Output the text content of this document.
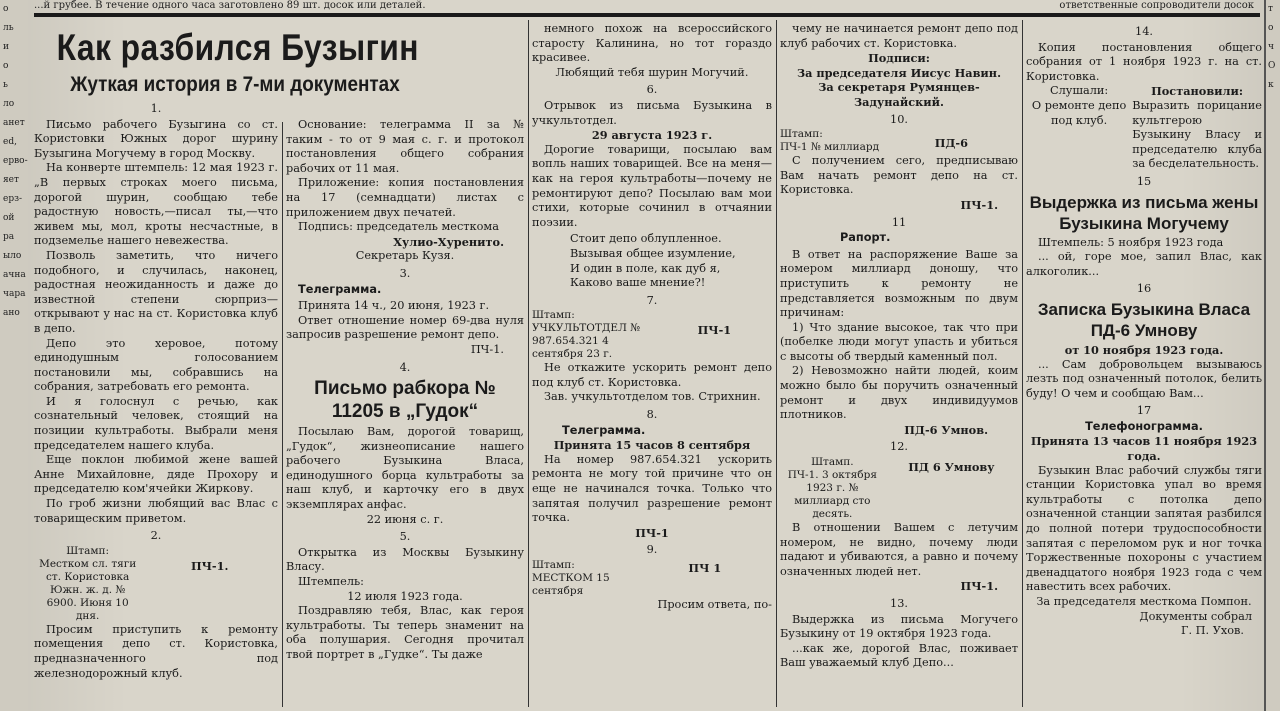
о
ль
и
о
ь
ло
анет
ed,
ерво-
яет
ерз-
ой
ра
ыло
ачна
чара
ано
...й грубее. В течение одного часа заготовлено 89 шт. досок или деталей.	ответственные сопроводители досок
Как разбился Бузыгин
Жуткая история в 7-ми документах

1.

Письмо рабочего Бузыгина со ст. Кориcтовки Южных дорог шурину Бузыгина Могучему в город Москву.

На конверте штемпель: 12 мая 1923 г. „В первых строках моего письма, дорогой шурин, сообщаю тебе радостную новость,—писал ты,—что живем мы, мол, кроты несчастные, в подземелье нашего невежества.

Позволь заметить, что ничего подобного, и случилась, наконец, радостная неожиданность и даже до известной степени сюрприз—открывают у нас на ст. Кориcтовка клуб в депо.

Депо это херовое, потому единодушным голосованием постановили мы, собравшись на собрания, затребовать его ремонта.

И я голоснул с речью, как сознательный человек, стоящий на позиции культработы. Выбрали меня председателем нашего клуба.

Еще поклон любимой жене вашей Анне Михайловне, дяде Прохору и председателю ком'ячейки Жиркову.

По гроб жизни любящий вас Влас с товарищеским приветом.

2.

Штамп:
Местком сл. тяги ст. Кориcтовка Южн. ж. д. № 6900. Июня 10 дня.
ПЧ-1.

Просим приступить к ремонту помещения депо ст. Кориcтовка, предназначенного под железнодорожный клуб.

Основание: телеграмма II за № таким - то от 9 мая с. г. и протокол постановления общего собрания рабочих от 11 мая.

Приложение: копия постановления на 17 (семнадцати) листах с приложением двух печатей.

Подпись: председатель месткома

Хулио-Хуренито.

Секретарь Кузя.

3.

Телеграмма.

Принята 14 ч., 20 июня, 1923 г.

Ответ отношение номер 69-два нуля запросив разрешение ремонт депо.

ПЧ-1.

4.

Письмо рабкора № 11205 в „Гудок“

Посылаю Вам, дорогой товарищ, „Гудок“, жизнеописание нашего рабочего Бузыкина Власа, единодушного борца культработы за наш клуб, и карточку его в двух экземплярах анфас.

22 июня с. г.

5.

Открытка из Москвы Бузыкину Власу.

Штемпель:

12 июля 1923 года.

Поздравляю тебя, Влас, как героя культработы. Ты теперь знаменит на оба полушария. Сегодня прочитал твой портрет в „Гудке“. Ты даже

немного похож на всероссийского старосту Калинина, но тот гораздо красивее.

Любящий тебя шурин Могучий.

6.

Отрывок из письма Бузыкина в учкультотдел.

29 августа 1923 г.

Дорогие товарищи, посылаю вам вопль наших товарищей. Все на меня—как на героя культработы—почему не ремонтируют депо? Посылаю вам мои стихи, которые сочинил в отчаянии поэзии.

Стоит депо облупленное.
Вызывая общее изумление,
И один в поле, как дуб я,
Каково ваше мнение?!

7.

Штамп:
УЧКУЛЬТОТДЕЛ № 987.654.321 4 сентября 23 г.
ПЧ-1

Не откажите ускорить ремонт депо под клуб ст. Кориcтовка.

Зав. учкультотделом тов. Стрихнин.

8.

Телеграмма.

Принята 15 часов 8 сентября

На номер 987.654.321 ускорить ремонта не могу той причине что он еще не начинался точка. Только что запятая получил разрешение ремонт точка.

ПЧ-1

9.

Штамп:
МЕСТКОМ 15 сентября
ПЧ 1

Просим ответа, по-

чему не начинается ремонт депо под клуб рабочих ст. Кориcтовка.

Подписи:

За председателя Иисус Навин.

За секретаря Румянцев-Задунайский.

10.

Штамп:
ПЧ-1 № миллиард	ПД-6

С получением сего, предписываю Вам начать ремонт депо на ст. Кориcтовка.

ПЧ-1.

11

Рапорт.

В ответ на распоряжение Ваше за номером миллиард доношу, что приступить к ремонту не представляется возможным по двум причинам:

1) Что здание высокое, так что при (побелке люди могут упасть и убиться с высоты об твердый каменный пол.

2) Невозможно найти людей, коим можно было бы поручить означенный ремонт и двух индивидуумов плотников.

ПД-6 Умнов.

12.

Штамп.
ПЧ-1. 3 октября 1923 г. № миллиард сто десять.
ПД 6 Умнову

В отношении Вашем с летучим номером, не видно, почему люди падают и убиваются, а равно и почему означенных людей нет.

ПЧ-1.

13.

Выдержка из письма Могучего Бузыкину от 19 октября 1923 года.

...как же, дорогой Влас, поживает Ваш уважаемый клуб Депо...

14.

Копия постановления общего собрания от 1 ноября 1923 г. на ст. Кориcтовка.

Слушали:
О ремонте депо под клуб.
Постановили:
Выразить порицание культгерою Бузыкину Власу и председателю клуба за бесделательность.

15

Выдержка из письма жены Бузыкина Могучему

Штемпель: 5 ноября 1923 года

... ой, горе мое, запил Влас, как алкоголик...

16

Записка Бузыкина Власа ПД-6 Умнову

от 10 ноября 1923 года.

... Сам добровольцем вызываюсь лезть под означенный потолок, белить буду! О чем и сообщаю Вам...

17

Телефонограмма.

Принята 13 часов 11 ноября 1923 года.

Бузыкин Влас рабочий службы тяги станции Кориcтовка упал во время культработы с потолка депо означенной станции запятая разбился до полной потери трудоспособности запятая с переломом рук и ног точка Торжественные похороны с участием двенадцатого ноября 1923 года с чем навестить всех рабочих.

За председателя месткома Помпон.

Документы собрал

Г. П. Ухов.

т
о
ч
О
к
